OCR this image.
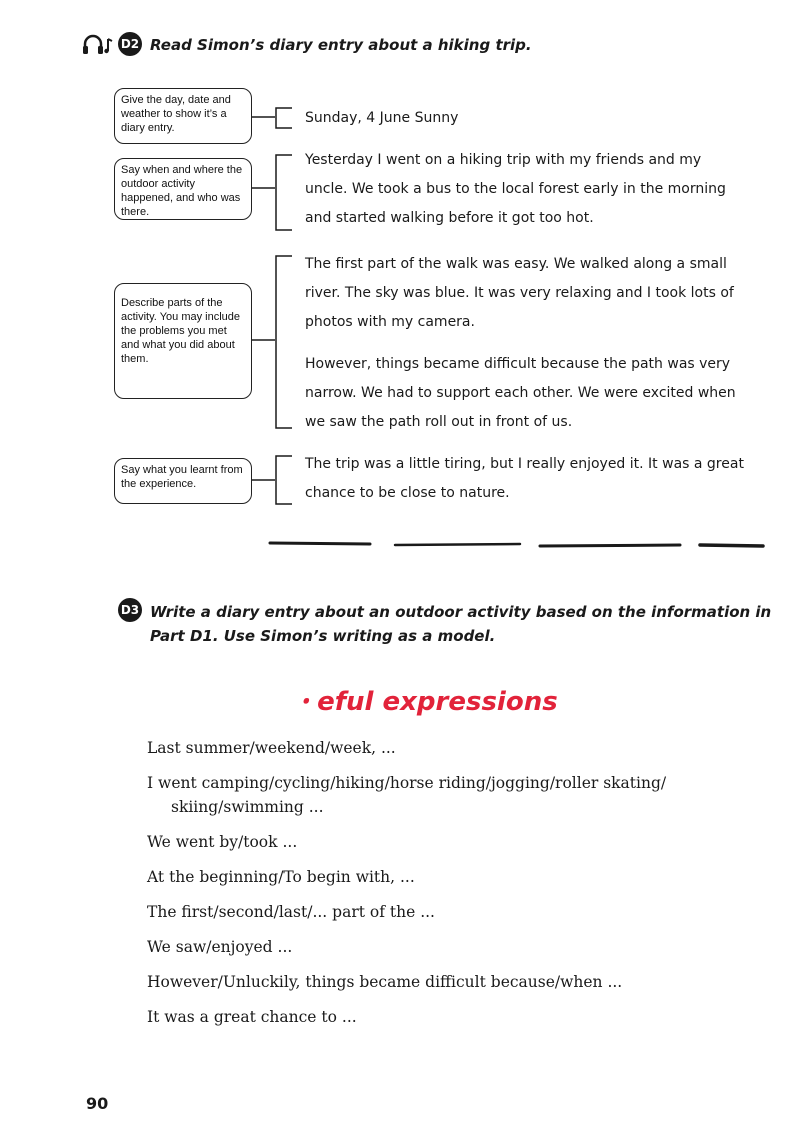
D2 Read Simon’s diary entry about a hiking trip.
Give the day, date and weather to show it’s a diary entry.
Say when and where the outdoor activity happened, and who was there.
Describe parts of the activity. You may include the problems you met and what you did about them.
Say what you learnt from the experience.
Sunday, 4 June Sunny
Yesterday I went on a hiking trip with my friends and my uncle. We took a bus to the local forest early in the morning and started walking before it got too hot.
The first part of the walk was easy. We walked along a small river. The sky was blue. It was very relaxing and I took lots of photos with my camera.
However, things became difficult because the path was very narrow. We had to support each other. We were excited when we saw the path roll out in front of us.
The trip was a little tiring, but I really enjoyed it. It was a great chance to be close to nature.
D3 Write a diary entry about an outdoor activity based on the information in Part D1. Use Simon’s writing as a model.
ꞏ eful expressions
Last summer/weekend/week, ...
I went camping/cycling/hiking/horse riding/jogging/roller skating/ skiing/swimming ...
We went by/took ...
At the beginning/To begin with, ...
The first/second/last/... part of the ...
We saw/enjoyed ...
However/Unluckily, things became difficult because/when ...
It was a great chance to ...
90
